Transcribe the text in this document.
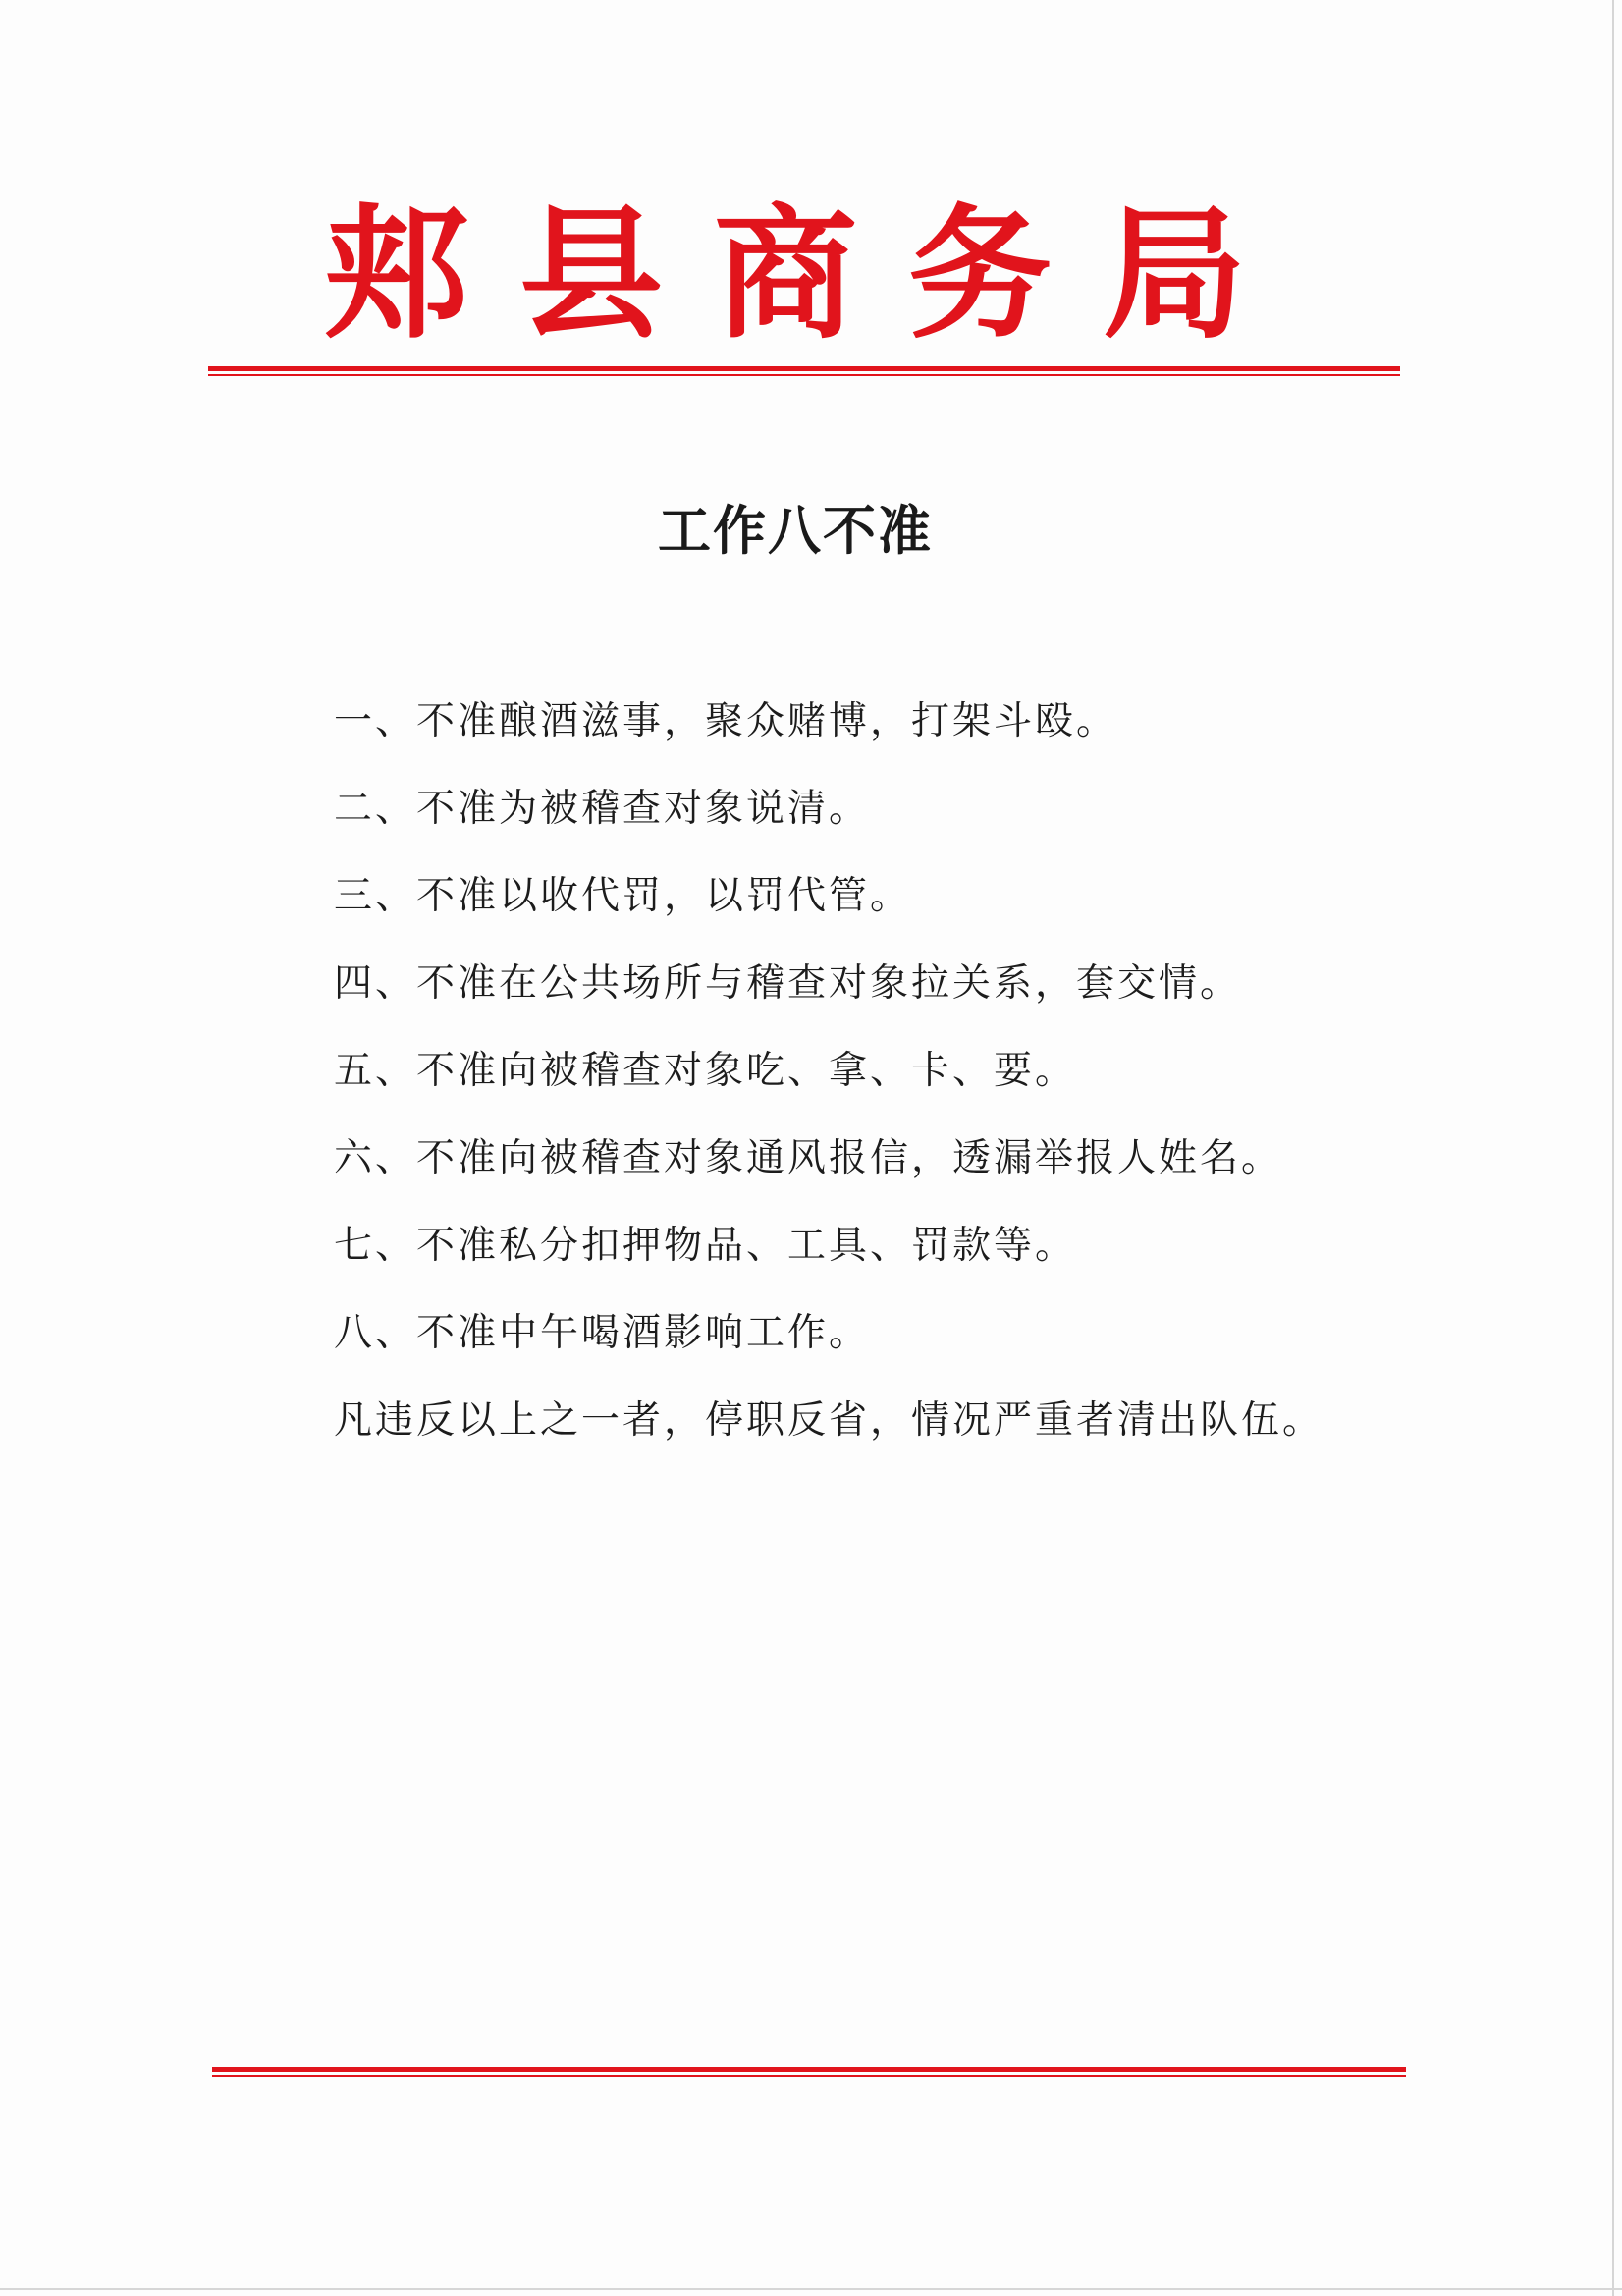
郏县商务局
工作八不准
一、不准酿酒滋事，聚众赌博，打架斗殴。
二、不准为被稽查对象说清。
三、不准以收代罚，以罚代管。
四、不准在公共场所与稽查对象拉关系，套交情。
五、不准向被稽查对象吃、拿、卡、要。
六、不准向被稽查对象通风报信，透漏举报人姓名。
七、不准私分扣押物品、工具、罚款等。
八、不准中午喝酒影响工作。
凡违反以上之一者，停职反省，情况严重者清出队伍。
